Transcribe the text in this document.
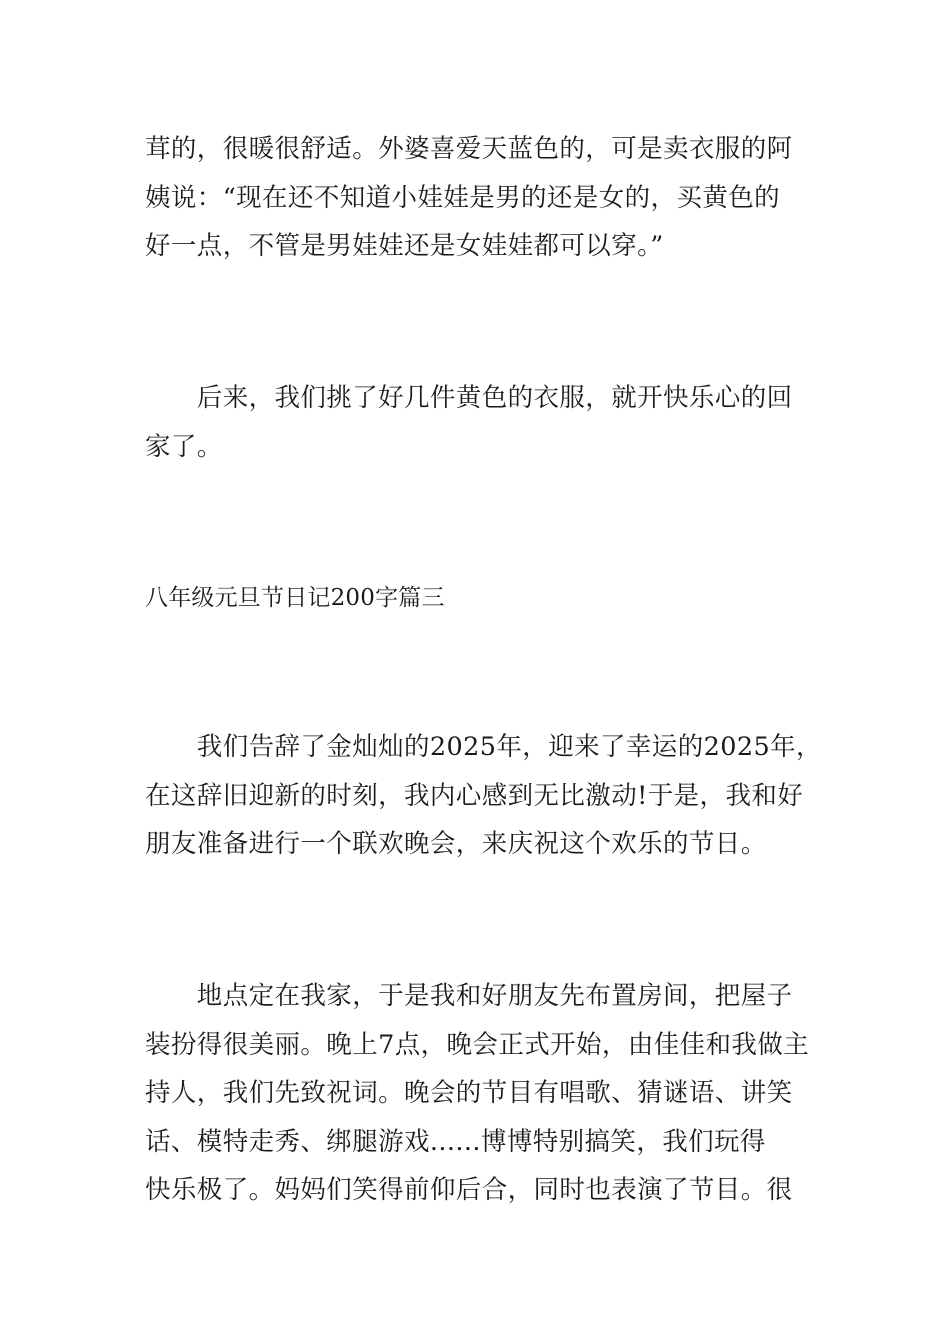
茸的，很暖很舒适。外婆喜爱天蓝色的，可是卖衣服的阿
姨说：“现在还不知道小娃娃是男的还是女的，买黄色的
好一点，不管是男娃娃还是女娃娃都可以穿。”
　　后来，我们挑了好几件黄色的衣服，就开快乐心的回
家了。
八年级元旦节日记200字篇三
　　我们告辞了金灿灿的2025年，迎来了幸运的2025年，
在这辞旧迎新的时刻，我内心感到无比激动!于是，我和好
朋友准备进行一个联欢晚会，来庆祝这个欢乐的节日。
　　地点定在我家，于是我和好朋友先布置房间，把屋子
装扮得很美丽。晚上7点，晚会正式开始，由佳佳和我做主
持人，我们先致祝词。晚会的节目有唱歌、猜谜语、讲笑
话、模特走秀、绑腿游戏......博博特别搞笑，我们玩得
快乐极了。妈妈们笑得前仰后合，同时也表演了节目。很
